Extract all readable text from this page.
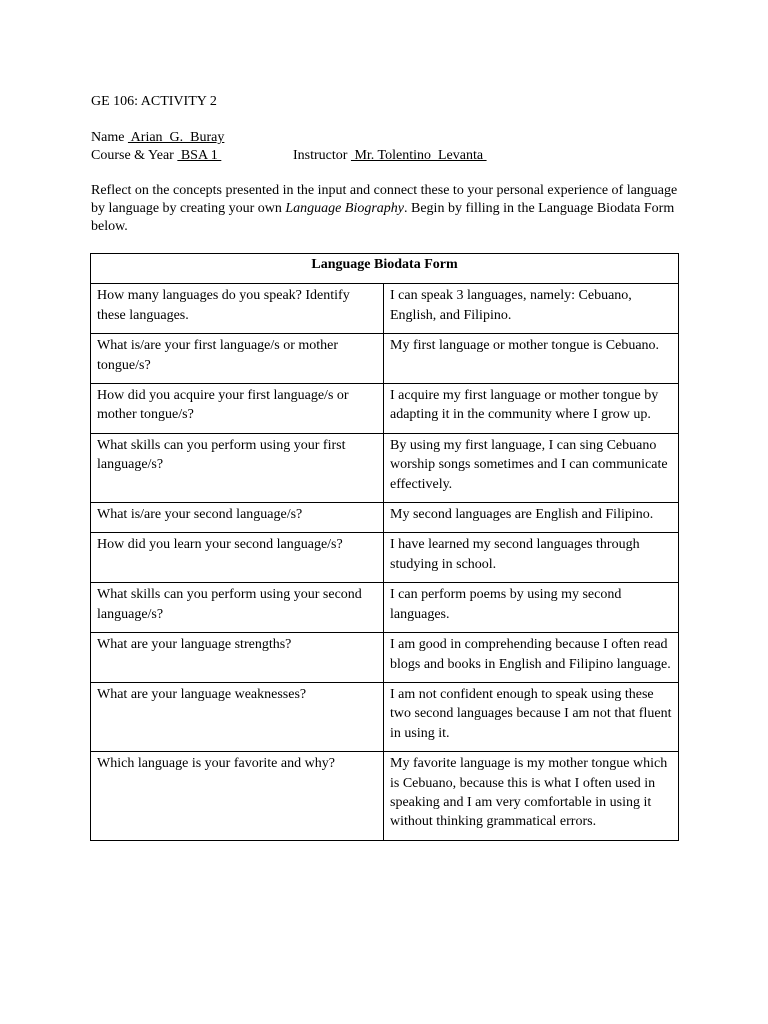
GE 106: ACTIVITY 2
Name  Arian  G.  Buray
Course & Year  BSA 1	Instructor  Mr. Tolentino  Levanta
Reflect on the concepts presented in the input and connect these to your personal experience of language by language by creating your own Language Biography. Begin by filling in the Language Biodata Form below.
Language Biodata Form	
How many languages do you speak? Identify these languages.	I can speak 3 languages, namely: Cebuano, English, and Filipino.
What is/are your first language/s or mother tongue/s?	My first language or mother tongue is Cebuano.
How did you acquire your first language/s or mother tongue/s?	I acquire my first language or mother tongue by adapting it in the community where I grow up.
What skills can you perform using your first language/s?	By using my first language, I can sing Cebuano worship songs sometimes and I can communicate effectively.
What is/are your second language/s?	My second languages are English and Filipino.
How did you learn your second language/s?	I have learned my second languages through studying in school.
What skills can you perform using your second language/s?	I can perform poems by using my second languages.
What are your language strengths?	I am good in comprehending because I often read blogs and books in English and Filipino language.
What are your language weaknesses?	I am not confident enough to speak using these two second languages because I am not that fluent in using it.
Which language is your favorite and why?	My favorite language is my mother tongue which is Cebuano, because this is what I often used in speaking and I am very comfortable in using it without thinking grammatical errors.
